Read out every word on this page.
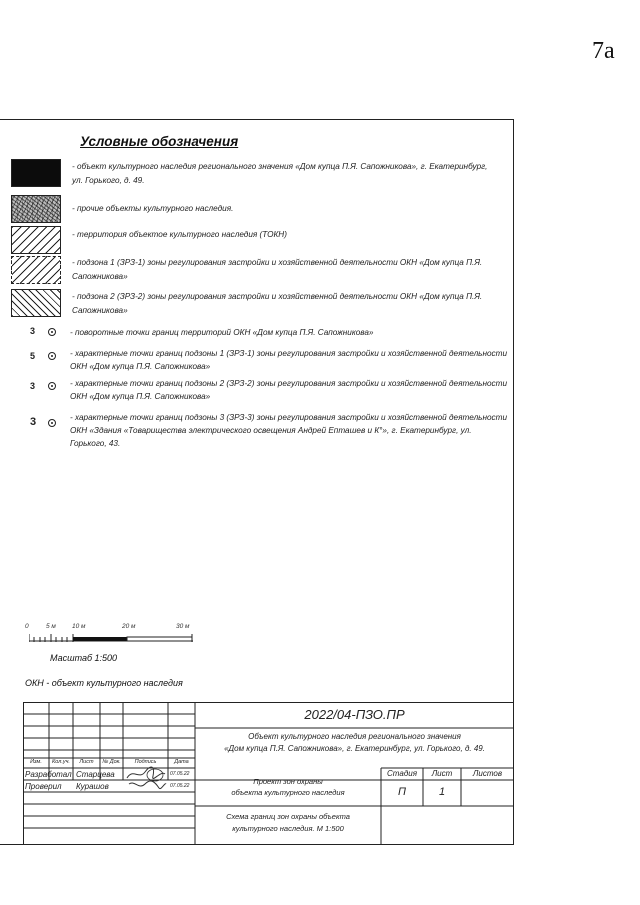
7а
Условные обозначения
- объект культурного наследия регионального значения «Дом купца П.Я. Сапожникова», г. Екатеринбург, ул. Горького, д. 49.
- прочие объекты культурного наследия.
- территория объектое культурного наследия (ТОКН)
- подзона 1 (ЗРЗ-1) зоны регулирования застройки и хозяйственной деятельности ОКН «Дом купца П.Я. Сапожникова»
- подзона 2 (ЗРЗ-2) зоны регулирования застройки и хозяйственной деятельности ОКН «Дом купца П.Я. Сапожникова»
3	- поворотные точки границ территорий ОКН «Дом купца П.Я. Сапожникова»
5	- характерные точки границ подзоны 1 (ЗРЗ-1) зоны регулирования застройки и хозяйственной деятельности ОКН «Дом купца П.Я. Сапожникова»
3	- характерные точки границ подзоны 2 (ЗРЗ-2) зоны регулирования застройки и хозяйственной деятельности ОКН «Дом купца П.Я. Сапожникова»
3	- характерные точки границ подзоны 3 (ЗРЗ-3) зоны регулирования застройки и хозяйственной деятельности ОКН «Здания «Товарищества электрического освещения Андрей Епташев и К°», г. Екатеринбург, ул. Горького, 43.
0	5 м 10 м	20 м	30 м
Масштаб 1:500
ОКН - объект культурного наследия
2022/04-ПЗО.ПР
Объект культурного наследия регионального значения
«Дом купца П.Я. Сапожникова», г. Екатеринбург, ул. Горького, д. 49.
Изм.	Кол.уч.	Лист	№ Док.	Подпись	Дата
Разработал Старцева	07.05.22
Проверил Курашов	07.05.22	Проект зон охраны
объекта культурного наследия
Стадия	Лист	Листов
П	1
Схема границ зон охраны объекта
культурного наследия. М 1:500
